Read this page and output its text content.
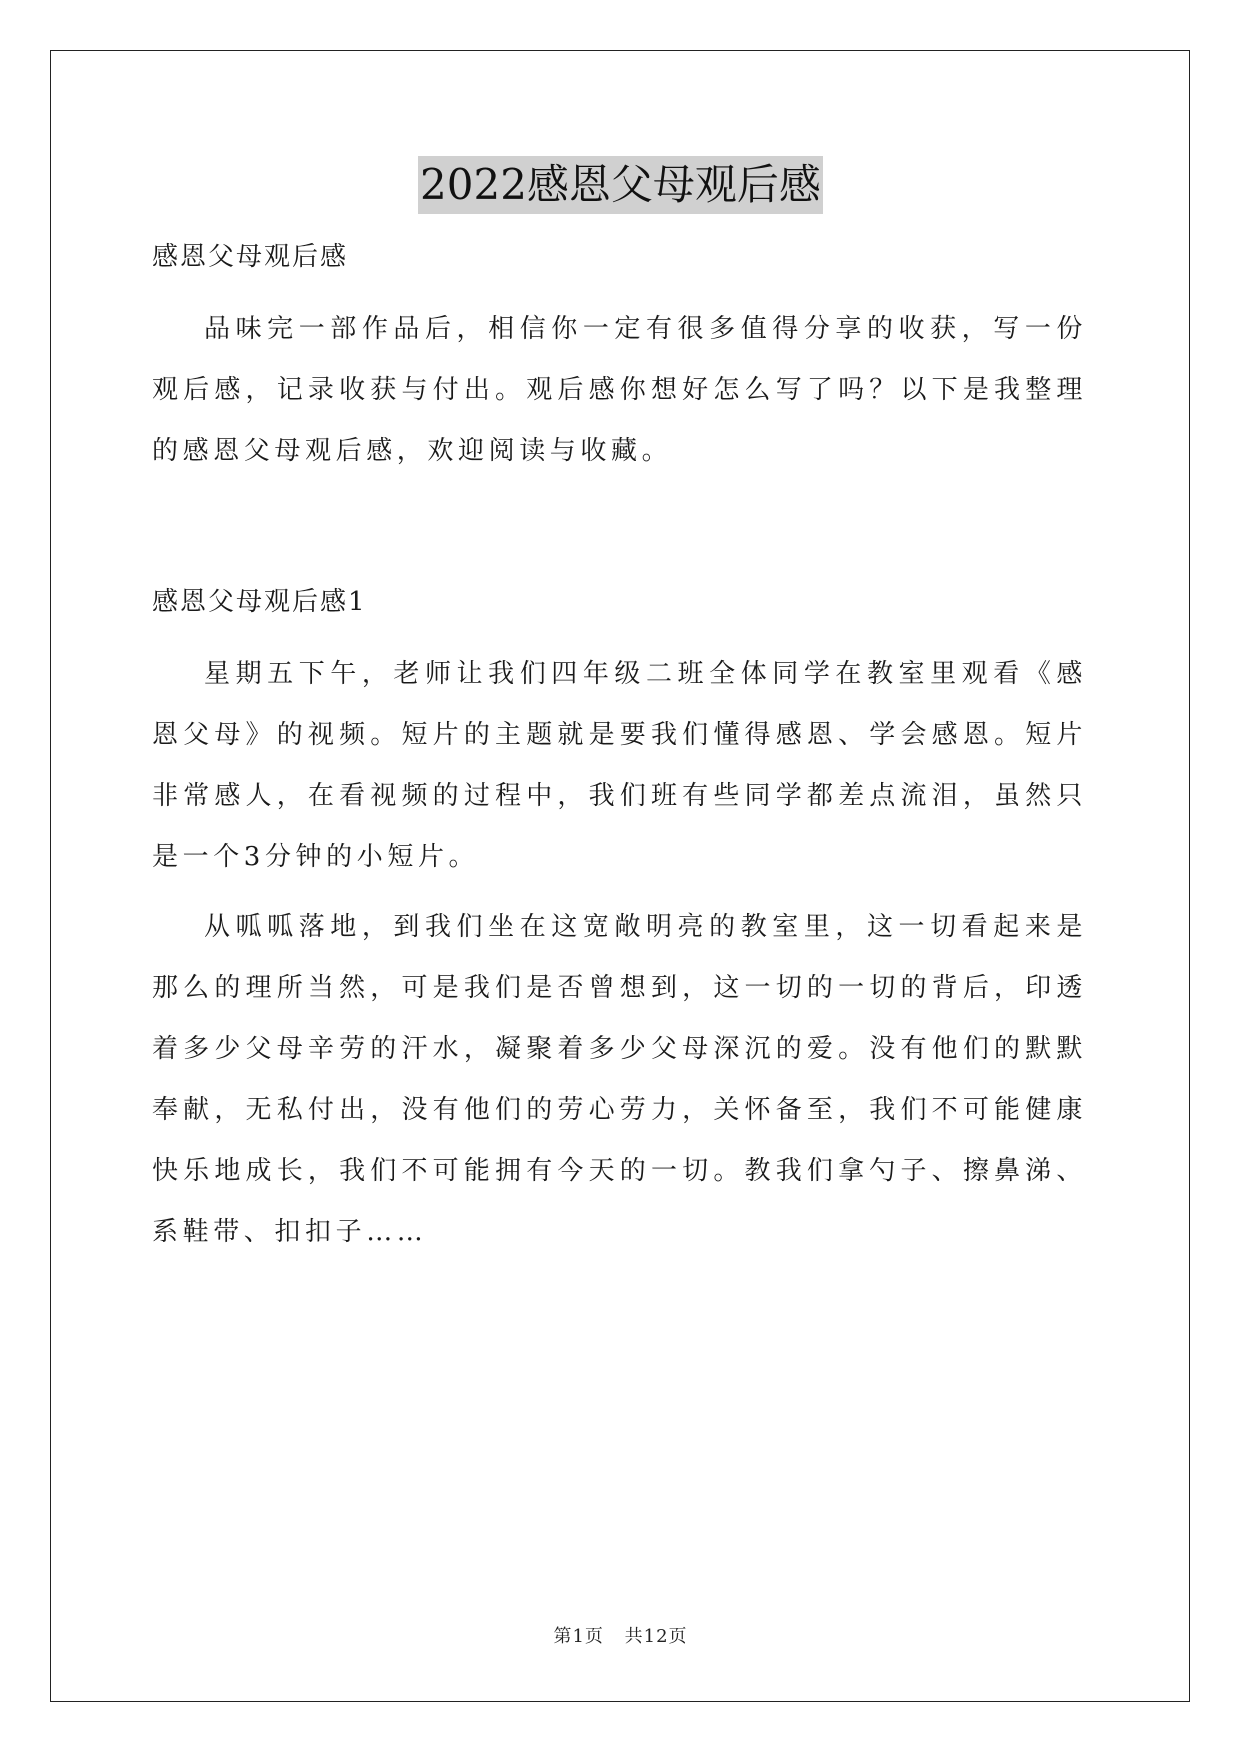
2022感恩父母观后感

感恩父母观后感

品味完一部作品后，相信你一定有很多值得分享的收获，写一份观后感，记录收获与付出。观后感你想好怎么写了吗？以下是我整理的感恩父母观后感，欢迎阅读与收藏。

感恩父母观后感1

星期五下午，老师让我们四年级二班全体同学在教室里观看《感恩父母》的视频。短片的主题就是要我们懂得感恩、学会感恩。短片非常感人，在看视频的过程中，我们班有些同学都差点流泪，虽然只是一个3分钟的小短片。

从呱呱落地，到我们坐在这宽敞明亮的教室里，这一切看起来是那么的理所当然，可是我们是否曾想到，这一切的一切的背后，印透着多少父母辛劳的汗水，凝聚着多少父母深沉的爱。没有他们的默默奉献，无私付出，没有他们的劳心劳力，关怀备至，我们不可能健康快乐地成长，我们不可能拥有今天的一切。教我们拿勺子、擦鼻涕、系鞋带、扣扣子……

第1页 共12页
